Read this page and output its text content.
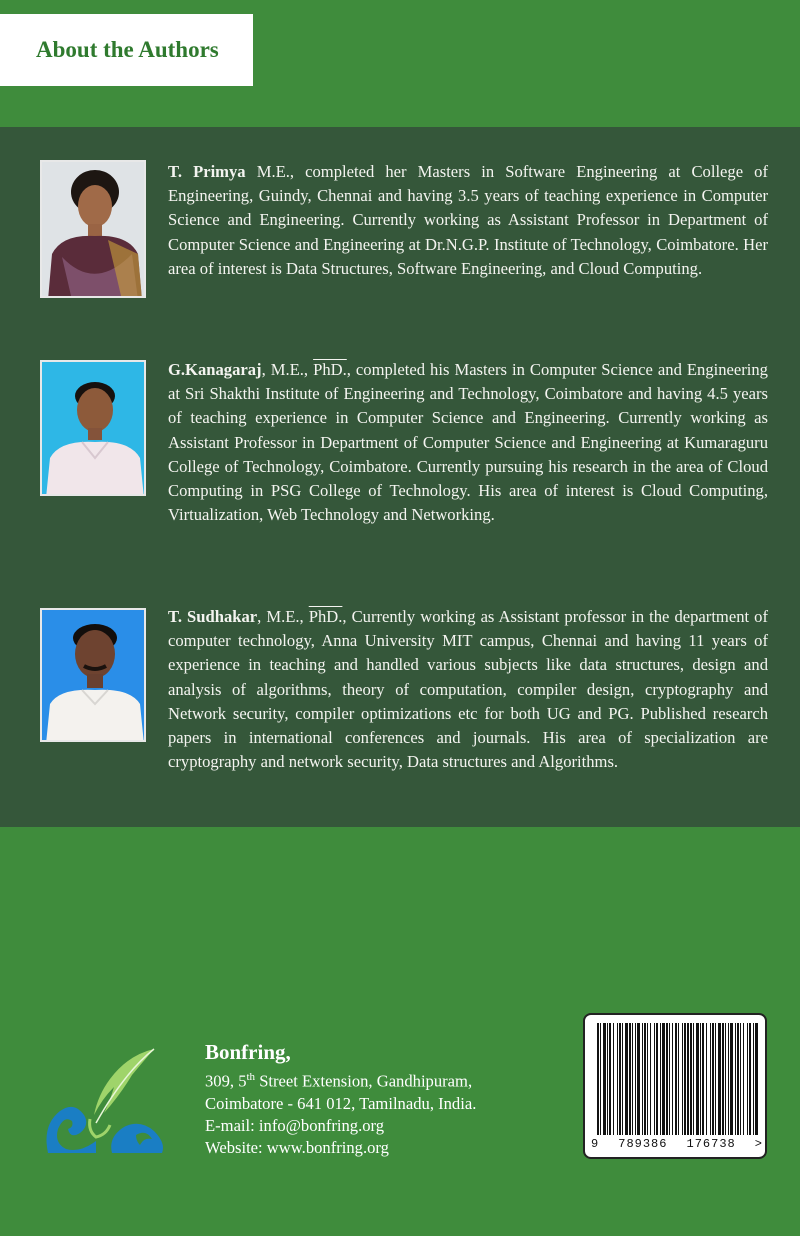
About the Authors

T. Primya M.E., completed her Masters in Software Engineering at College of Engineering, Guindy, Chennai and having 3.5 years of teaching experience in Computer Science and Engineering. Currently working as Assistant Professor in Department of Computer Science and Engineering at Dr.N.G.P. Institute of Technology, Coimbatore. Her area of interest is Data Structures, Software Engineering, and Cloud Computing.

G.Kanagaraj, M.E., PhD., completed his Masters in Computer Science and Engineering at Sri Shakthi Institute of Engineering and Technology, Coimbatore and having 4.5 years of teaching experience in Computer Science and Engineering. Currently working as Assistant Professor in Department of Computer Science and Engineering at Kumaraguru College of Technology, Coimbatore. Currently pursuing his research in the area of Cloud Computing in PSG College of Technology. His area of interest is Cloud Computing, Virtualization, Web Technology and Networking.

T. Sudhakar, M.E., PhD., Currently working as Assistant professor in the department of computer technology, Anna University MIT campus, Chennai and having 11 years of experience in teaching and handled various subjects like data structures, design and analysis of algorithms, theory of computation, compiler design, cryptography and Network security, compiler optimizations etc for both UG and PG. Published research papers in international conferences and journals. His area of specialization are cryptography and network security, Data structures and Algorithms.

Bonfring,
309, 5th Street Extension, Gandhipuram,
Coimbatore - 641 012, Tamilnadu, India.
E-mail: info@bonfring.org
Website: www.bonfring.org	9 789386 176738 >
